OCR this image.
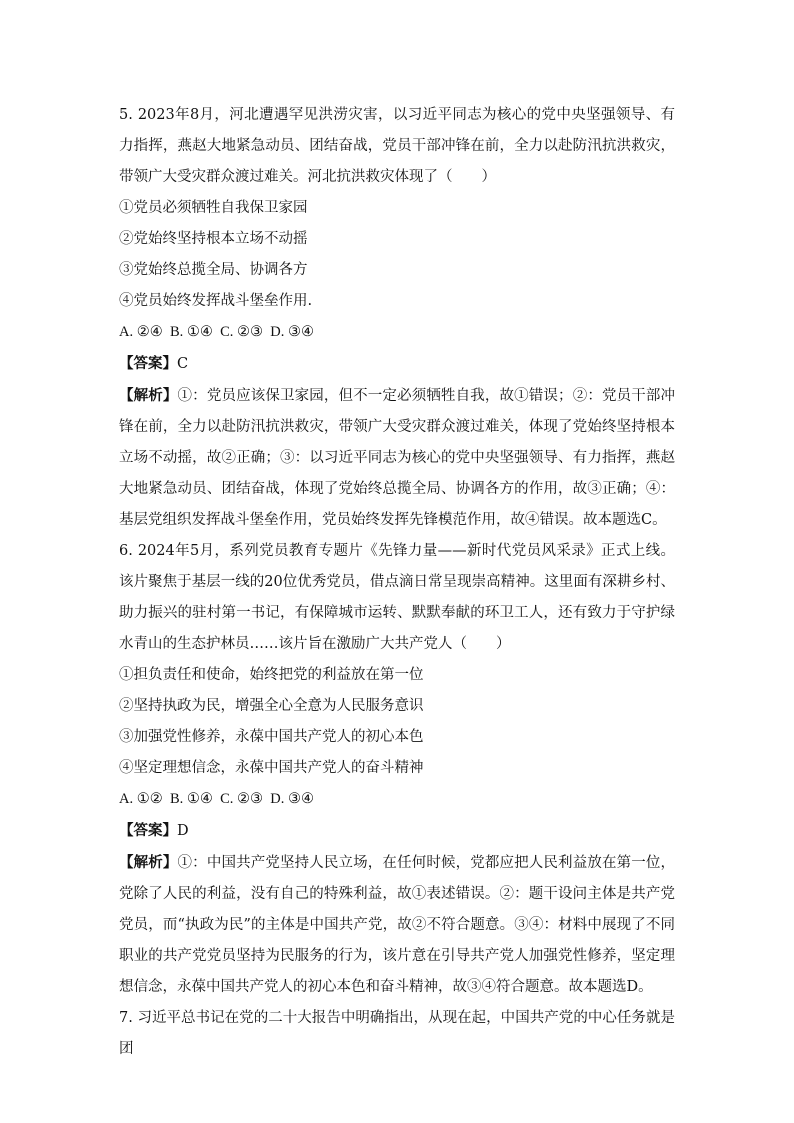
5. 2023年8月，河北遭遇罕见洪涝灾害，以习近平同志为核心的党中央坚强领导、有力指挥，燕赵大地紧急动员、团结奋战，党员干部冲锋在前，全力以赴防汛抗洪救灾，带领广大受灾群众渡过难关。河北抗洪救灾体现了（　　）

①党员必须牺牲自我保卫家园

②党始终坚持根本立场不动摇

③党始终总揽全局、协调各方

④党员始终发挥战斗堡垒作用.

A. ②④  B. ①④  C. ②③  D. ③④

【答案】C

【解析】①：党员应该保卫家园，但不一定必须牺牲自我，故①错误；②：党员干部冲锋在前，全力以赴防汛抗洪救灾，带领广大受灾群众渡过难关，体现了党始终坚持根本立场不动摇，故②正确；③：以习近平同志为核心的党中央坚强领导、有力指挥，燕赵大地紧急动员、团结奋战，体现了党始终总揽全局、协调各方的作用，故③正确；④：基层党组织发挥战斗堡垒作用，党员始终发挥先锋模范作用，故④错误。故本题选C。

6. 2024年5月，系列党员教育专题片《先锋力量——新时代党员风采录》正式上线。该片聚焦于基层一线的20位优秀党员，借点滴日常呈现崇高精神。这里面有深耕乡村、助力振兴的驻村第一书记，有保障城市运转、默默奉献的环卫工人，还有致力于守护绿水青山的生态护林员……该片旨在激励广大共产党人（　　）

①担负责任和使命，始终把党的利益放在第一位

②坚持执政为民，增强全心全意为人民服务意识

③加强党性修养，永葆中国共产党人的初心本色

④坚定理想信念，永葆中国共产党人的奋斗精神

A. ①②  B. ①④  C. ②③  D. ③④

【答案】D

【解析】①：中国共产党坚持人民立场，在任何时候，党都应把人民利益放在第一位，党除了人民的利益，没有自己的特殊利益，故①表述错误。②：题干设问主体是共产党党员，而“执政为民”的主体是中国共产党，故②不符合题意。③④：材料中展现了不同职业的共产党党员坚持为民服务的行为，该片意在引导共产党人加强党性修养，坚定理想信念，永葆中国共产党人的初心本色和奋斗精神，故③④符合题意。故本题选D。

7. 习近平总书记在党的二十大报告中明确指出，从现在起，中国共产党的中心任务就是团
